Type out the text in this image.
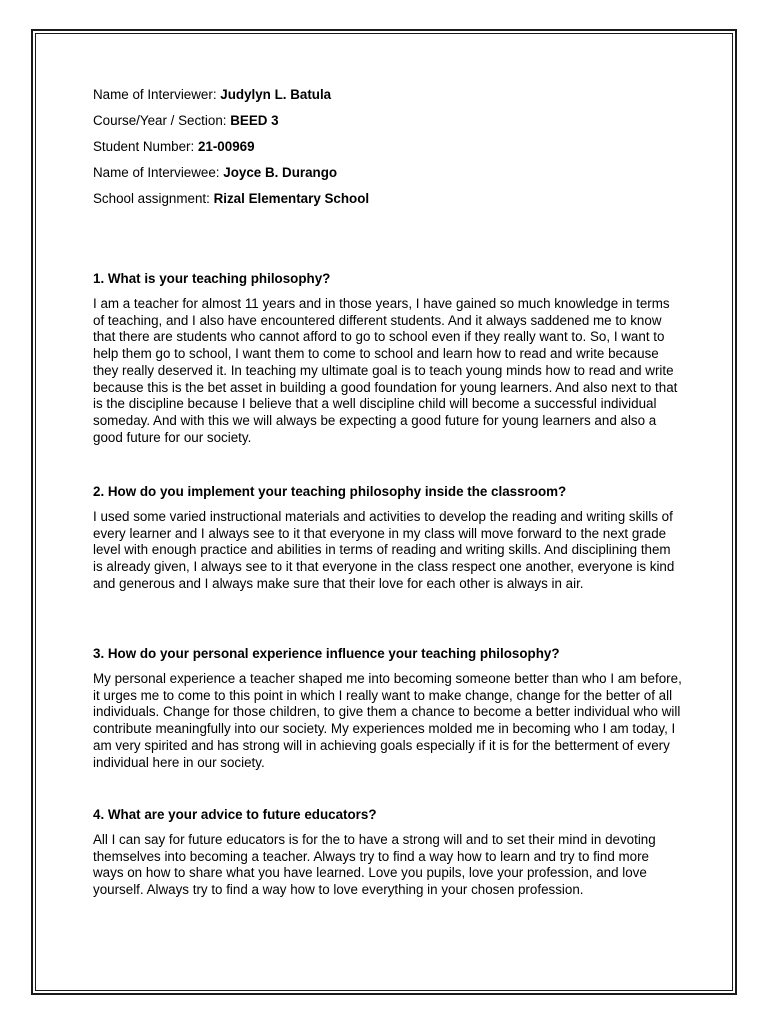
Name of Interviewer: Judylyn L. Batula

Course/Year / Section: BEED 3

Student Number: 21-00969

Name of Interviewee: Joyce B. Durango

School assignment: Rizal Elementary School

1. What is your teaching philosophy?

I am a teacher for almost 11 years and in those years, I have gained so much knowledge in terms of teaching, and I also have encountered different students. And it always saddened me to know that there are students who cannot afford to go to school even if they really want to. So, I want to help them go to school, I want them to come to school and learn how to read and write because they really deserved it. In teaching my ultimate goal is to teach young minds how to read and write because this is the bet asset in building a good foundation for young learners. And also next to that is the discipline because I believe that a well discipline child will become a successful individual someday. And with this we will always be expecting a good future for young learners and also a good future for our society.

2. How do you implement your teaching philosophy inside the classroom?

I used some varied instructional materials and activities to develop the reading and writing skills of every learner and I always see to it that everyone in my class will move forward to the next grade level with enough practice and abilities in terms of reading and writing skills. And disciplining them is already given, I always see to it that everyone in the class respect one another, everyone is kind and generous and I always make sure that their love for each other is always in air.

3. How do your personal experience influence your teaching philosophy?

My personal experience a teacher shaped me into becoming someone better than who I am before, it urges me to come to this point in which I really want to make change, change for the better of all individuals. Change for those children, to give them a chance to become a better individual who will contribute meaningfully into our society. My experiences molded me in becoming who I am today, I am very spirited and has strong will in achieving goals especially if it is for the betterment of every individual here in our society.

4. What are your advice to future educators?

All I can say for future educators is for the to have a strong will and to set their mind in devoting themselves into becoming a teacher. Always try to find a way how to learn and try to find more ways on how to share what you have learned. Love you pupils, love your profession, and love yourself. Always try to find a way how to love everything in your chosen profession.
